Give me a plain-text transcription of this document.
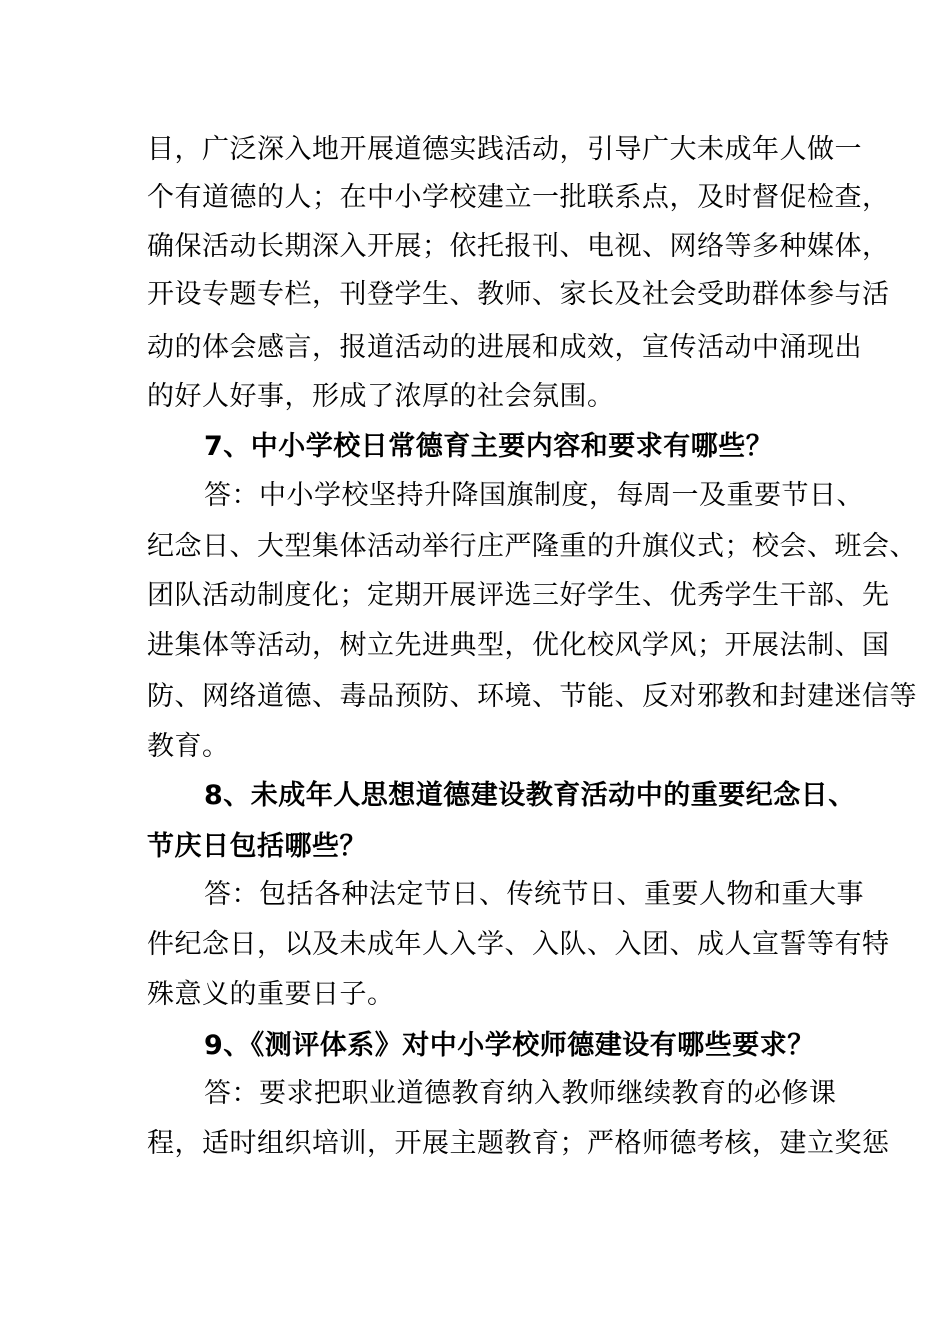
目，广泛深入地开展道德实践活动，引导广大未成年人做一
个有道德的人；在中小学校建立一批联系点，及时督促检查，
确保活动长期深入开展；依托报刊、电视、网络等多种媒体，
开设专题专栏，刊登学生、教师、家长及社会受助群体参与活
动的体会感言，报道活动的进展和成效，宣传活动中涌现出
的好人好事，形成了浓厚的社会氛围。
7、中小学校日常德育主要内容和要求有哪些？
答：中小学校坚持升降国旗制度，每周一及重要节日、
纪念日、大型集体活动举行庄严隆重的升旗仪式；校会、班会、
团队活动制度化；定期开展评选三好学生、优秀学生干部、先
进集体等活动，树立先进典型，优化校风学风；开展法制、国
防、网络道德、毒品预防、环境、节能、反对邪教和封建迷信等
教育。
8、未成年人思想道德建设教育活动中的重要纪念日、
节庆日包括哪些？
答：包括各种法定节日、传统节日、重要人物和重大事
件纪念日，以及未成年人入学、入队、入团、成人宣誓等有特
殊意义的重要日子。
9、《测评体系》对中小学校师德建设有哪些要求？
答：要求把职业道德教育纳入教师继续教育的必修课
程，适时组织培训，开展主题教育；严格师德考核，建立奖惩
